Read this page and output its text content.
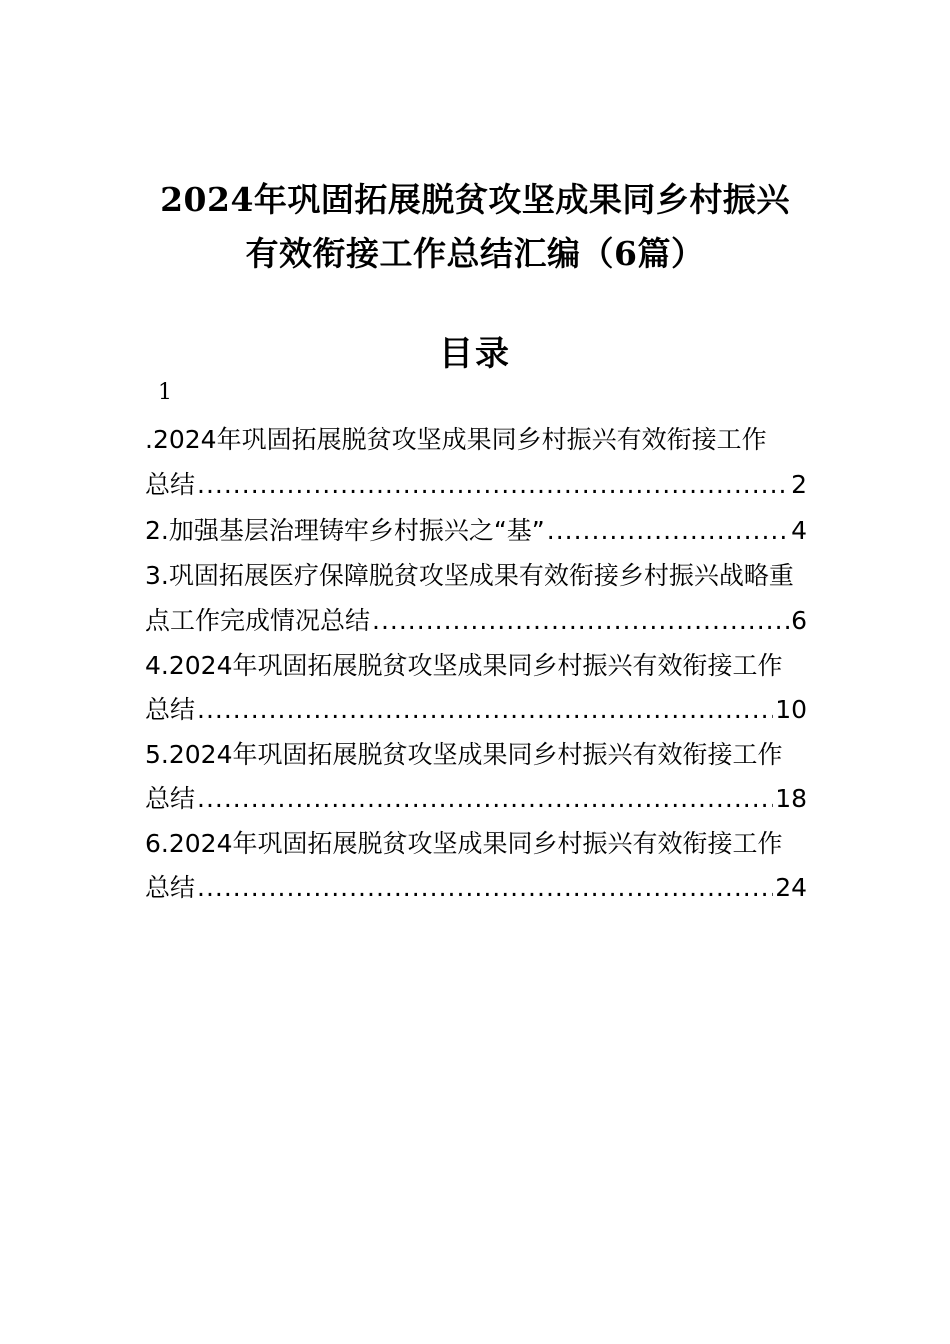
2024年巩固拓展脱贫攻坚成果同乡村振兴
有效衔接工作总结汇编（6篇）
目录
1
.2024年巩固拓展脱贫攻坚成果同乡村振兴有效衔接工作
总结 .....	2
2.加强基层治理铸牢乡村振兴之“基” .....	4
3.巩固拓展医疗保障脱贫攻坚成果有效衔接乡村振兴战略重
点工作完成情况总结 .....	6
4.2024年巩固拓展脱贫攻坚成果同乡村振兴有效衔接工作
总结 .....	10
5.2024年巩固拓展脱贫攻坚成果同乡村振兴有效衔接工作
总结 .....	18
6.2024年巩固拓展脱贫攻坚成果同乡村振兴有效衔接工作
总结 .....	24
